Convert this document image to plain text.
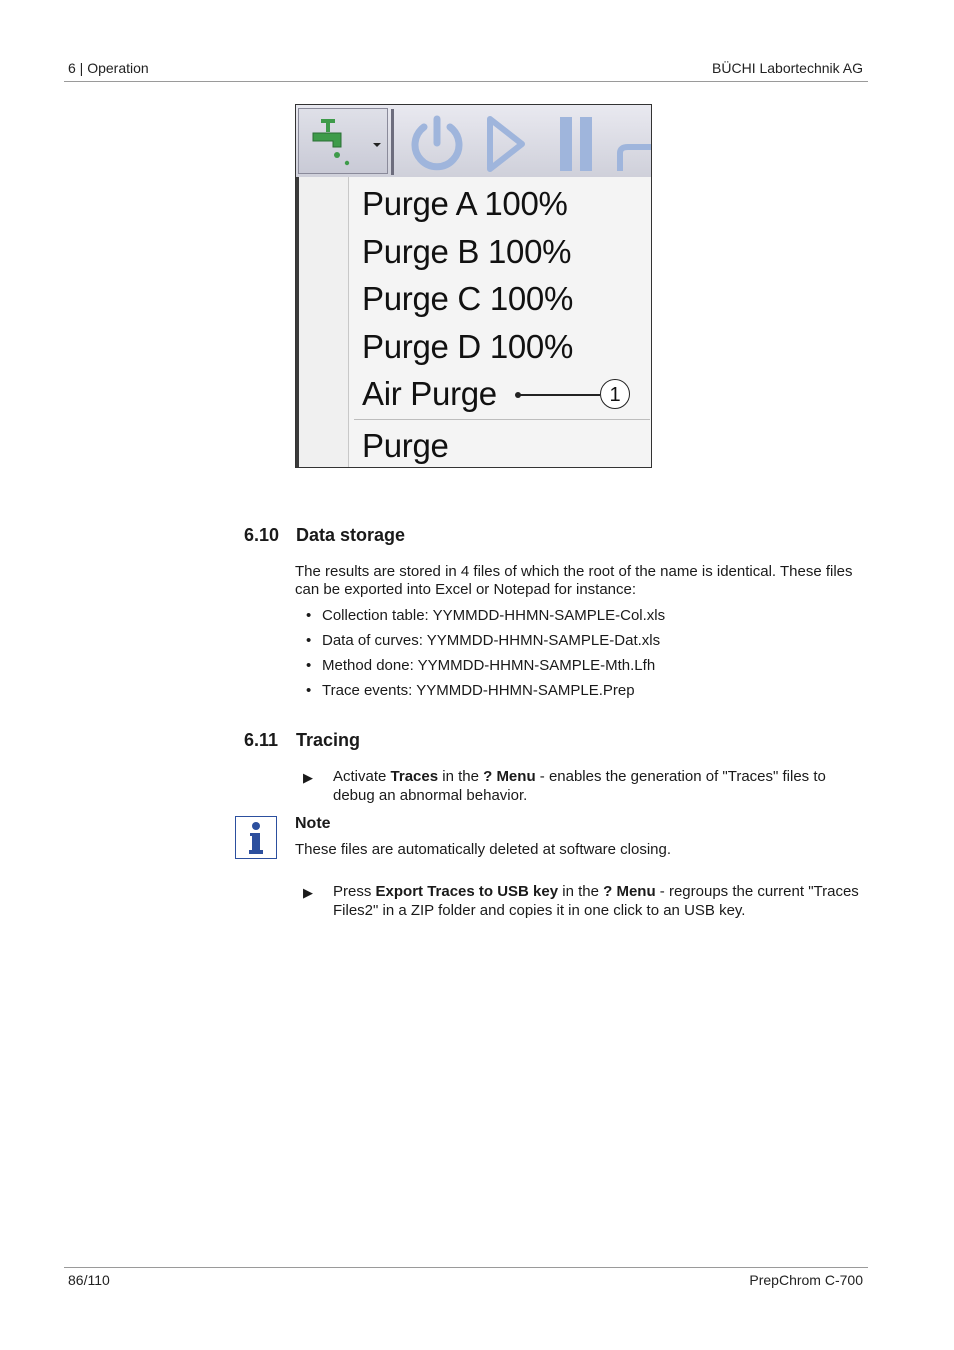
6 | Operation	BÜCHI Labortechnik AG
Purge A 100%
Purge B 100%
Purge C 100%
Purge D 100%
Air Purge
Purge
1
6.10 Data storage
The results are stored in 4 files of which the root of the name is identical. These files can be exported into Excel or Notepad for instance:
• Collection table: YYMMDD-HHMN-SAMPLE-Col.xls
• Data of curves: YYMMDD-HHMN-SAMPLE-Dat.xls
• Method done: YYMMDD-HHMN-SAMPLE-Mth.Lfh
• Trace events: YYMMDD-HHMN-SAMPLE.Prep
6.11 Tracing
▶ Activate Traces in the ? Menu - enables the generation of "Traces" files to debug an abnormal behavior.
Note
These files are automatically deleted at software closing.
▶ Press Export Traces to USB key in the ? Menu - regroups the current "Traces Files2" in a ZIP folder and copies it in one click to an USB key.
86/110	PrepChrom C-700
